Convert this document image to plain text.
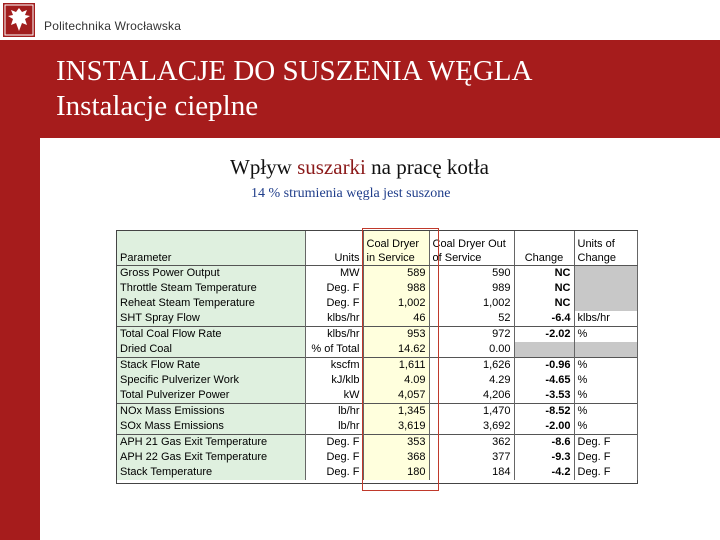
Politechnika Wrocławska
INSTALACJE DO SUSZENIA WĘGLA
Instalacje cieplne
Wpływ suszarki na pracę kotła
14 % strumienia węgla jest suszone
Parameter	Units	Coal Dryer in Service	Coal Dryer Out of Service	Change	Units of Change
Gross Power Output	MW	589	590	NC	
Throttle Steam Temperature	Deg. F	988	989	NC	
Reheat Steam Temperature	Deg. F	1,002	1,002	NC	
SHT Spray Flow	klbs/hr	46	52	-6.4	klbs/hr
Total Coal Flow Rate	klbs/hr	953	972	-2.02	%
Dried Coal	% of Total	14.62	0.00		
Stack Flow Rate	kscfm	1,611	1,626	-0.96	%
Specific Pulverizer Work	kJ/klb	4.09	4.29	-4.65	%
Total Pulverizer Power	kW	4,057	4,206	-3.53	%
NOx Mass Emissions	lb/hr	1,345	1,470	-8.52	%
SOx Mass Emissions	lb/hr	3,619	3,692	-2.00	%
APH 21 Gas Exit Temperature	Deg. F	353	362	-8.6	Deg. F
APH 22 Gas Exit Temperature	Deg. F	368	377	-9.3	Deg. F
Stack Temperature	Deg. F	180	184	-4.2	Deg. F
